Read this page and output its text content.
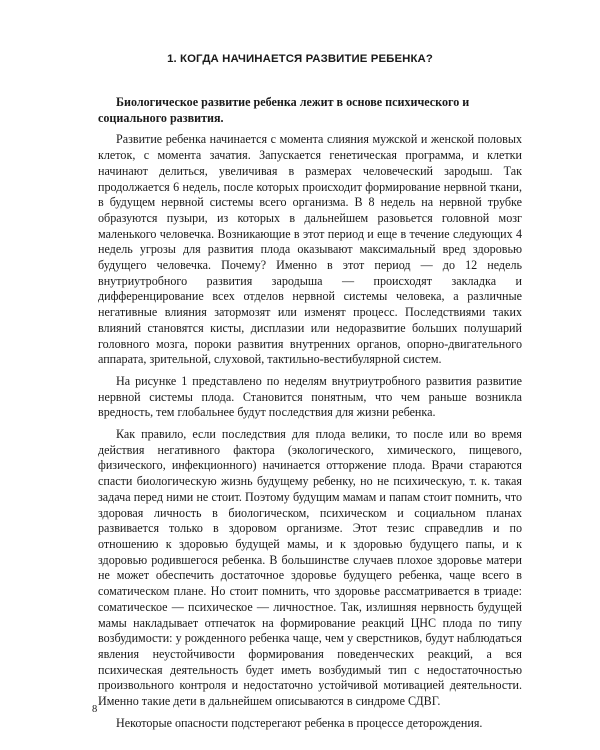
1. КОГДА НАЧИНАЕТСЯ РАЗВИТИЕ РЕБЕНКА?

Биологическое развитие ребенка лежит в основе психического и социального развития.

Развитие ребенка начинается с момента слияния мужской и женской половых клеток, с момента зачатия. Запускается генетическая программа, и клетки начинают делиться, увеличивая в размерах человеческий зародыш. Так продолжается 6 недель, после которых происходит формирование нервной ткани, в будущем нервной системы всего организма. В 8 недель на нервной трубке образуются пузыри, из которых в дальнейшем разовьется головной мозг маленького человечка. Возникающие в этот период и еще в течение следующих 4 недель угрозы для развития плода оказывают максимальный вред здоровью будущего человечка. Почему? Именно в этот период — до 12 недель внутриутробного развития зародыша — происходят закладка и дифференцирование всех отделов нервной системы человека, а различные негативные влияния затормозят или изменят процесс. Последствиями таких влияний становятся кисты, дисплазии или недоразвитие больших полушарий головного мозга, пороки развития внутренних органов, опорно-двигательного аппарата, зрительной, слуховой, тактильно-вестибулярной систем.

На рисунке 1 представлено по неделям внутриутробного развития развитие нервной системы плода. Становится понятным, что чем раньше возникла вредность, тем глобальнее будут последствия для жизни ребенка.

Как правило, если последствия для плода велики, то после или во время действия негативного фактора (экологического, химического, пищевого, физического, инфекционного) начинается отторжение плода. Врачи стараются спасти биологическую жизнь будущему ребенку, но не психическую, т. к. такая задача перед ними не стоит. Поэтому будущим мамам и папам стоит помнить, что здоровая личность в биологическом, психическом и социальном планах развивается только в здоровом организме. Этот тезис справедлив и по отношению к здоровью будущей мамы, и к здоровью будущего папы, и к здоровью родившегося ребенка. В большинстве случаев плохое здоровье матери не может обеспечить достаточное здоровье будущего ребенка, чаще всего в соматическом плане. Но стоит помнить, что здоровье рассматривается в триаде: соматическое — психическое — личностное. Так, излишняя нервность будущей мамы накладывает отпечаток на формирование реакций ЦНС плода по типу возбудимости: у рожденного ребенка чаще, чем у сверстников, будут наблюдаться явления неустойчивости формирования поведенческих реакций, а вся психическая деятельность будет иметь возбудимый тип с недостаточностью произвольного контроля и недостаточно устойчивой мотивацией деятельности. Именно такие дети в дальнейшем описываются в синдроме СДВГ.

Некоторые опасности подстерегают ребенка в процессе деторождения.

8
